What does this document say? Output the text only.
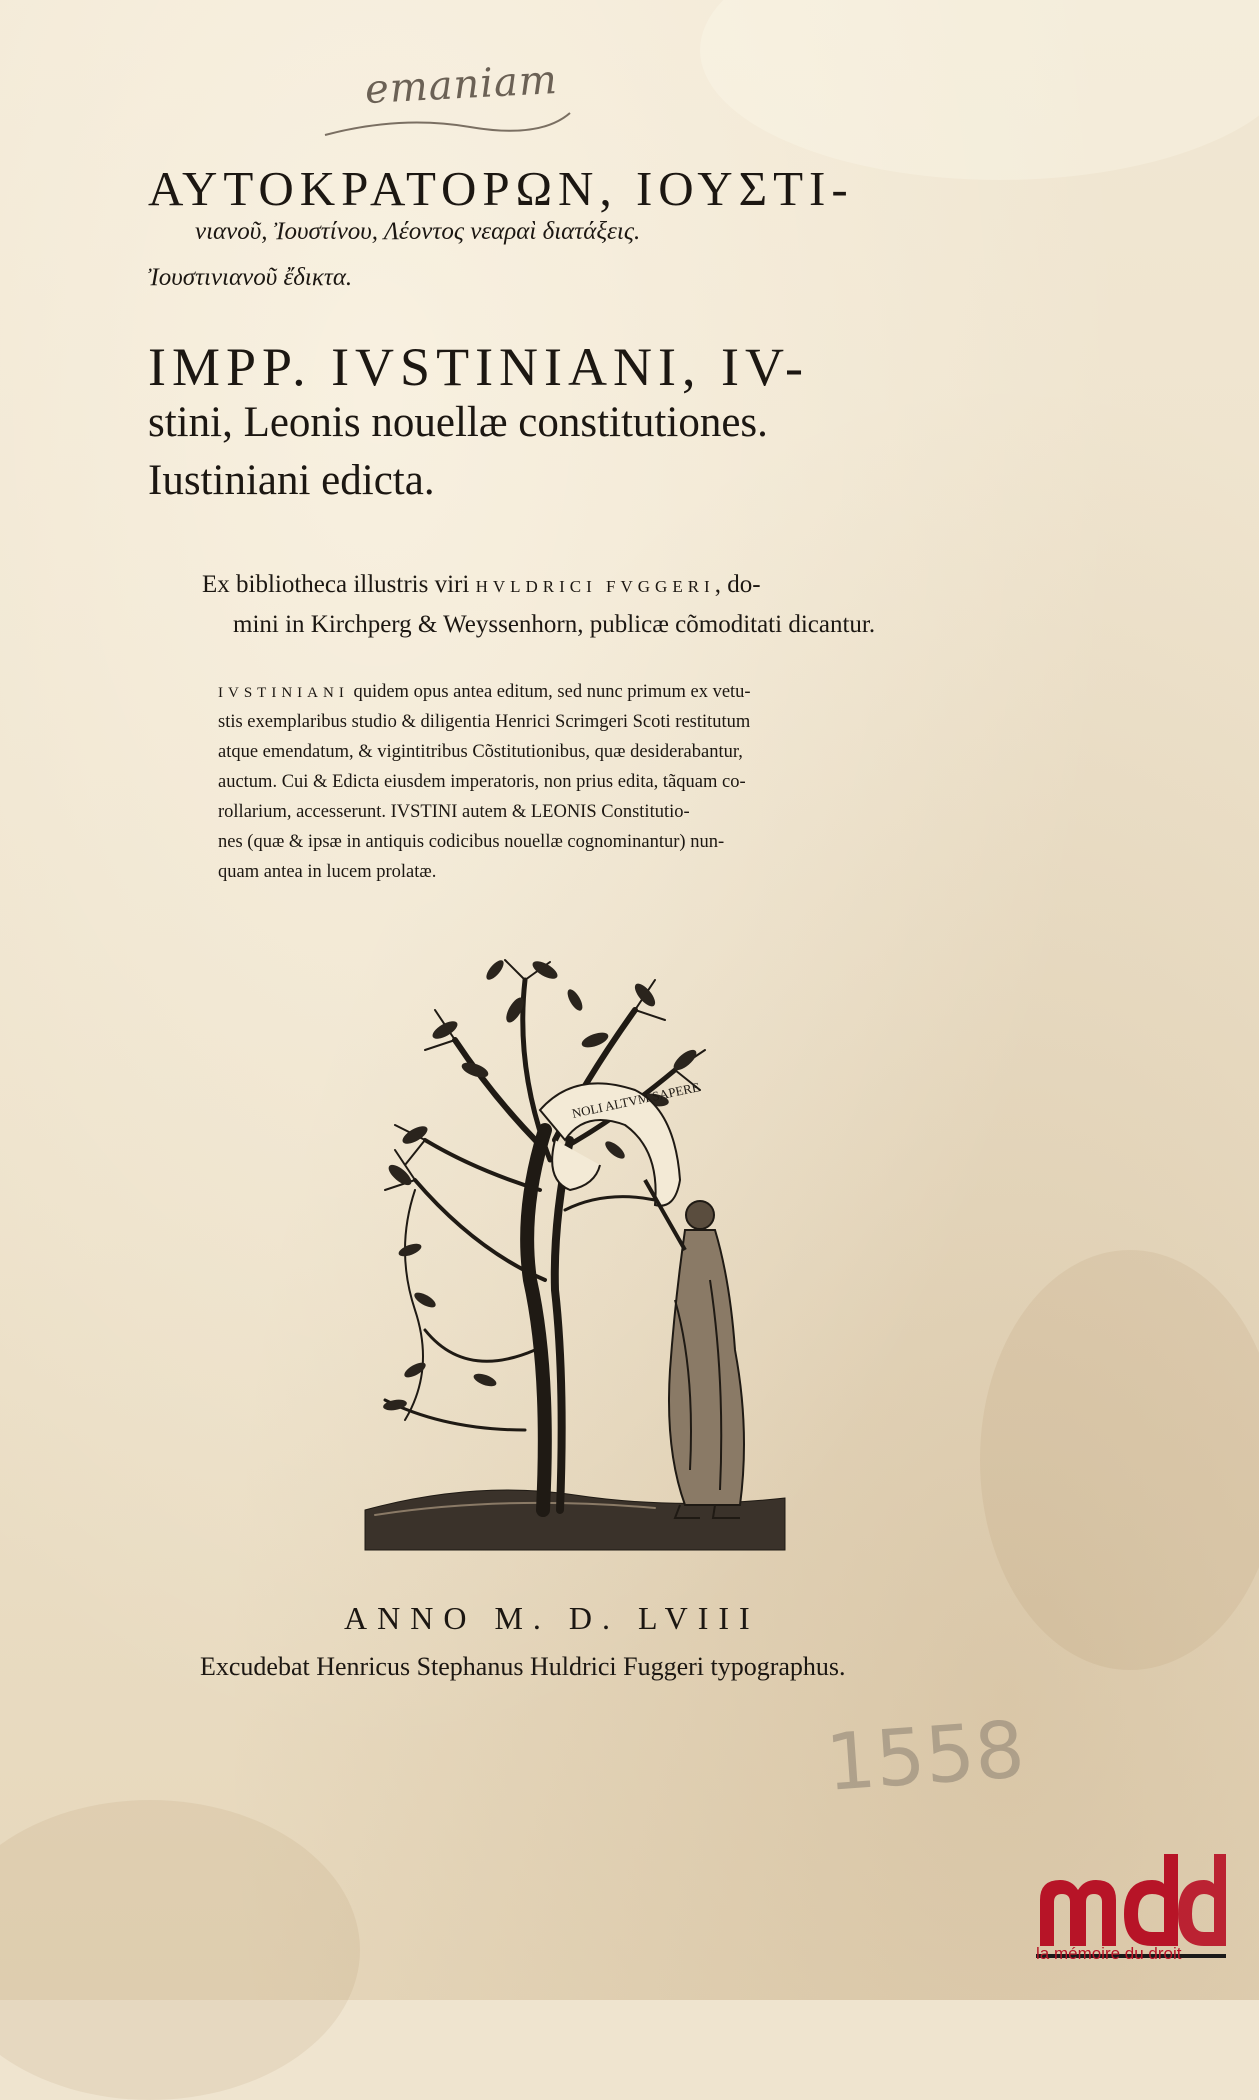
emaniam
ΑΥΤΟΚΡΑΤΟΡΩΝ, ΙΟΥΣΤΙ-
νιανοῦ, Ἰουστίνου, Λέοντος νεαραὶ διατάξεις.
Ἰουστινιανοῦ ἔδικτα.
IMPP. IVSTINIANI, IV-
stini, Leonis nouellæ constitutiones.
Iustiniani edicta.
Ex bibliotheca illustris viri HVLDRICI FVGGERI, do-
mini in Kirchperg & Weyssenhorn, publicæ cõmoditati dicantur.
IVSTINIANI quidem opus antea editum, sed nunc primum ex vetu-
stis exemplaribus studio & diligentia Henrici Scrimgeri Scoti restitutum
atque emendatum, & vigintitribus Cõstitutionibus, quæ desiderabantur,
auctum. Cui & Edicta eiusdem imperatoris, non prius edita, tãquam co-
rollarium, accesserunt. IVSTINI autem & LEONIS Constitutio-
nes (quæ & ipsæ in antiquis codicibus nouellæ cognominantur) nun-
quam antea in lucem prolatæ.
NOLI ALTVM SAPERE
ANNO M. D. LVIII
Excudebat Henricus Stephanus Huldrici Fuggeri typographus.
1558
la mémoire du droit
